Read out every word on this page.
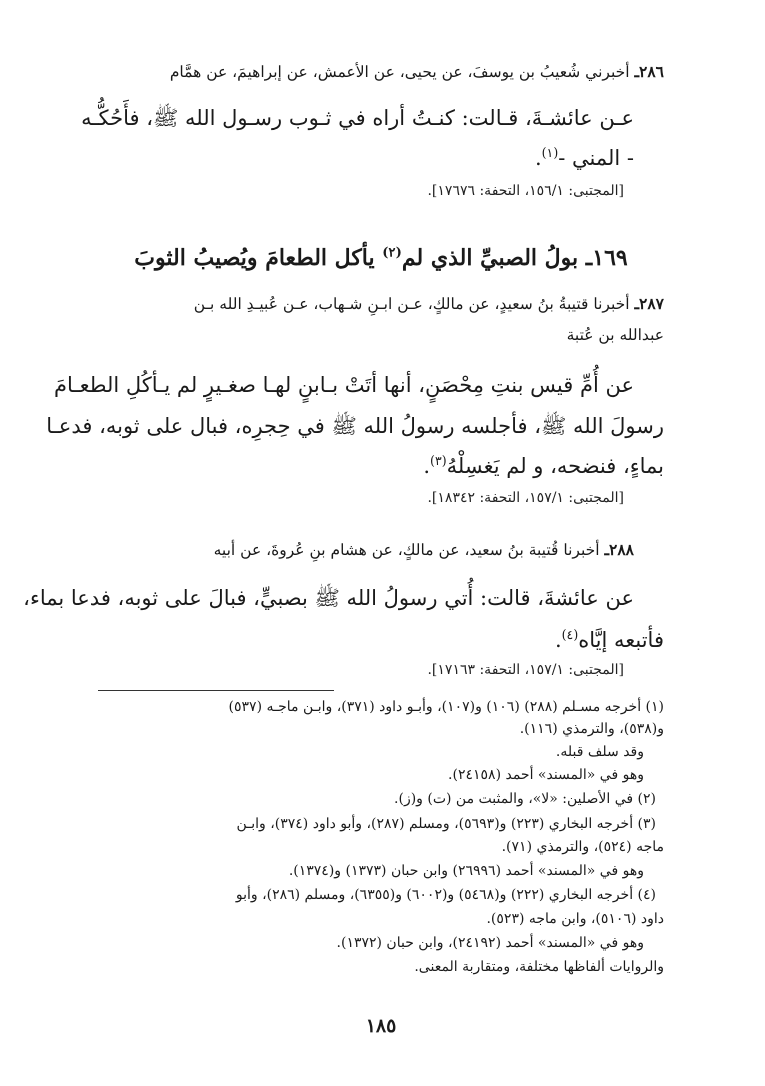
٢٨٦ـ أخبرني شُعيبُ بن يوسفَ، عن يحيى، عن الأعمش، عن إبراهيمَ، عن همَّام
عـن عائشـةَ، قـالت: كنـتُ أراه في ثـوب رسـول الله ﷺ، فأَحُكُّـه
- المني -$^{(١)}$.
[المجتبى: ١٥٦/١، التحفة: ١٧٦٧٦].
١٦٩ـ بولُ الصبيِّ الذي لم$^{(٢)}$ يأكل الطعامَ ويُصيبُ الثوبَ
٢٨٧ـ أخبرنا قتيبةُ بنُ سعيدٍ، عن مالكٍ، عـن ابـنِ شـهاب، عـن عُبيـدِ الله بـن
عبدالله بن عُتبة
عن أُمِّ قيس بنتِ مِحْصَنٍ، أنها أتَتْ بـابنٍ لهـا صغـيرٍ لم يـأكُلِ الطعـامَ
رسولَ الله ﷺ، فأجلسه رسولُ الله ﷺ في حِجرِه، فبال على ثوبه، فدعـا
بماءٍ، فنضحه، و لم يَغسِلْهُ$^{(٣)}$.
[المجتبى: ١٥٧/١، التحفة: ١٨٣٤٢].
٢٨٨ـ أخبرنا قُتيبة بنُ سعيد، عن مالكٍ، عن هشام بنِ عُروةَ، عن أبيه
عن عائشةَ، قالت: أُتي رسولُ الله ﷺ بصبيٍّ، فبالَ على ثوبه، فدعا بماء،
فأتبعه إيَّاه$^{(٤)}$.
[المجتبى: ١٥٧/١، التحفة: ١٧١٦٣].
(١) أخرجه مسـلم (٢٨٨) (١٠٦) و(١٠٧)، وأبـو داود (٣٧١)، وابـن ماجـه (٥٣٧)
و(٥٣٨)، والترمذي (١١٦).
وقد سلف قبله.
وهو في «المسند» أحمد (٢٤١٥٨).
(٢) في الأصلين: «لا»، والمثبت من (ت) و(ز).
(٣) أخرجه البخاري (٢٢٣) و(٥٦٩٣)، ومسلم (٢٨٧)، وأبو داود (٣٧٤)، وابـن
ماجه (٥٢٤)، والترمذي (٧١).
وهو في «المسند» أحمد (٢٦٩٩٦) وابن حبان (١٣٧٣) و(١٣٧٤).
(٤) أخرجه البخاري (٢٢٢) و(٥٤٦٨) و(٦٠٠٢) و(٦٣٥٥)، ومسلم (٢٨٦)، وأبو
داود (٥١٠٦)، وابن ماجه (٥٢٣).
وهو في «المسند» أحمد (٢٤١٩٢)، وابن حبان (١٣٧٢).
والروايات ألفاظها مختلفة، ومتقاربة المعنى.
١٨٥
